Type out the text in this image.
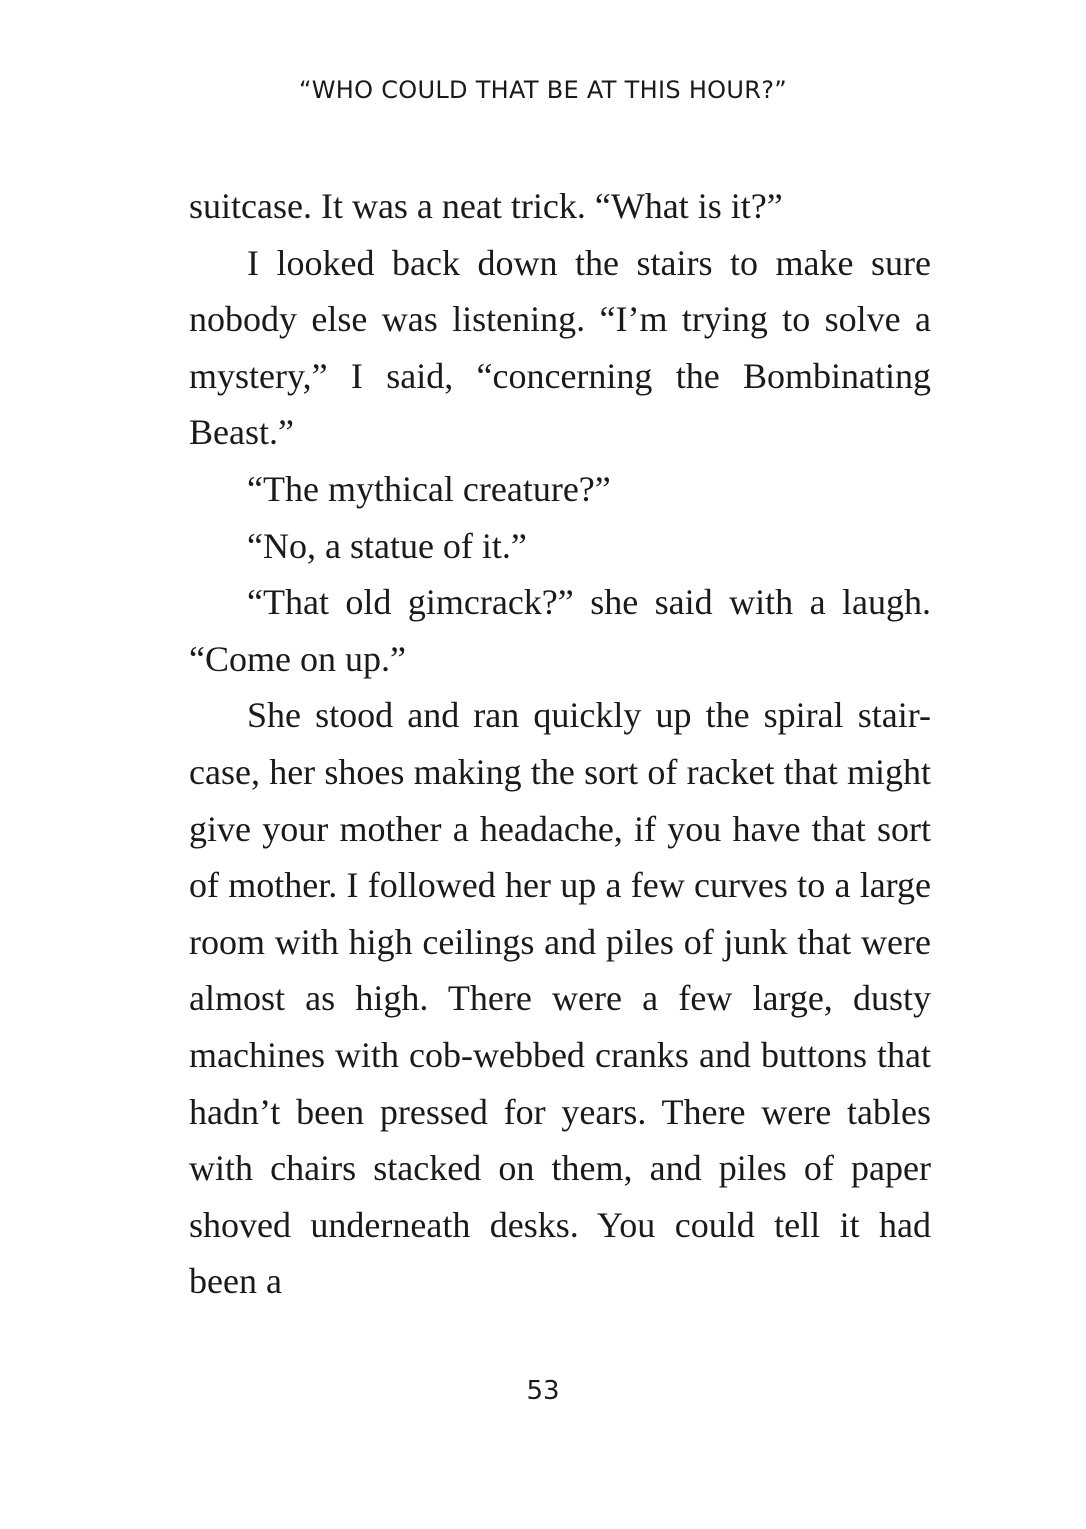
“WHO COULD THAT BE AT THIS HOUR?”

suitcase. It was a neat trick. “What is it?”

I looked back down the stairs to make sure nobody else was listening. “I’m trying to solve a mystery,” I said, “concerning the Bombinating Beast.”

“The mythical creature?”

“No, a statue of it.”

“That old gimcrack?” she said with a laugh. “Come on up.”

She stood and ran quickly up the spiral stair-case, her shoes making the sort of racket that might give your mother a headache, if you have that sort of mother. I followed her up a few curves to a large room with high ceilings and piles of junk that were almost as high. There were a few large, dusty machines with cob-webbed cranks and buttons that hadn’t been pressed for years. There were tables with chairs stacked on them, and piles of paper shoved underneath desks. You could tell it had been a

53
